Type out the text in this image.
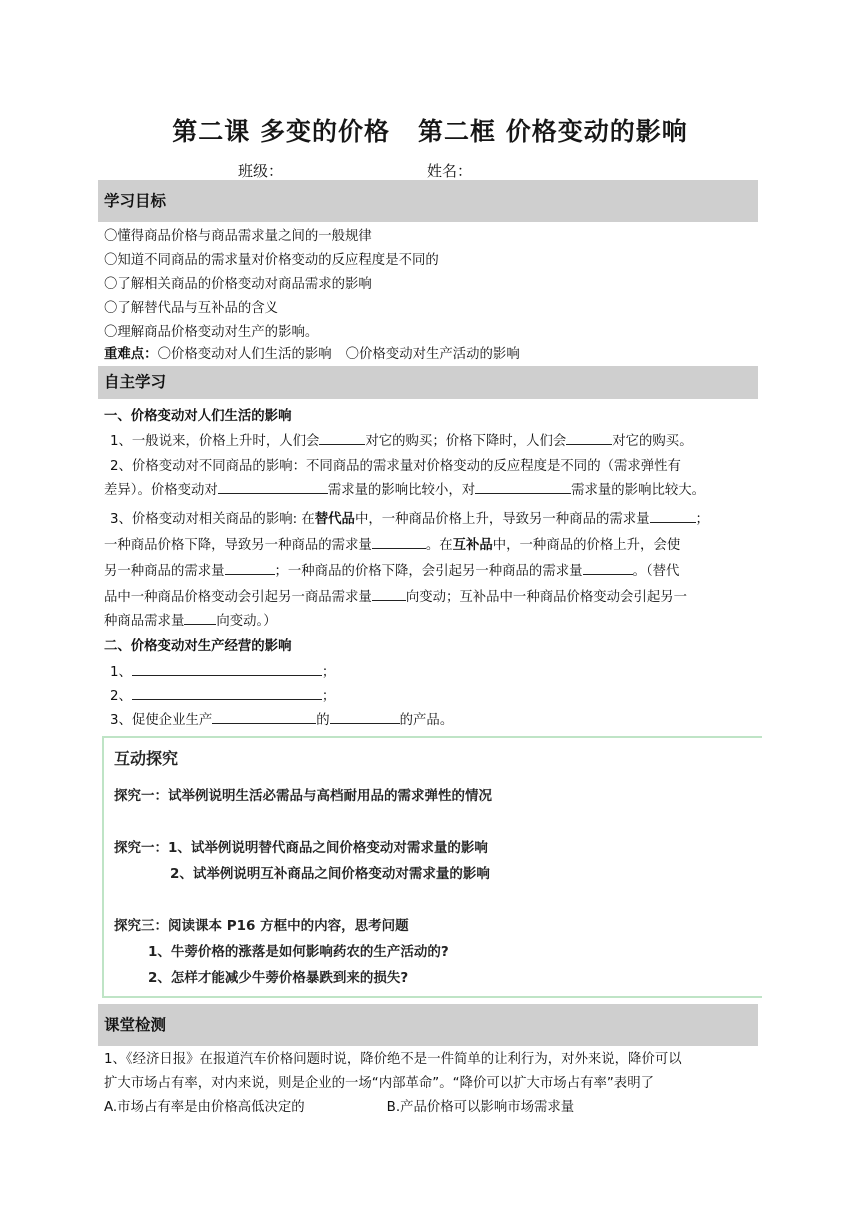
第二课 多变的价格 第二框 价格变动的影响
班级：	姓名：
学习目标
〇懂得商品价格与商品需求量之间的一般规律
〇知道不同商品的需求量对价格变动的反应程度是不同的
〇了解相关商品的价格变动对商品需求的影响
〇了解替代品与互补品的含义
〇理解商品价格变动对生产的影响。
重难点：〇价格变动对人们生活的影响 〇价格变动对生产活动的影响
自主学习
一、价格变动对人们生活的影响
1、一般说来，价格上升时，人们会	对它的购买；价格下降时，人们会	对它的购买。
2、价格变动对不同商品的影响：不同商品的需求量对价格变动的反应程度是不同的（需求弹性有
差异）。价格变动对	需求量的影响比较小，对	需求量的影响比较大。
3、价格变动对相关商品的影响: 在替代品中，一种商品价格上升，导致另一种商品的需求量	；
一种商品价格下降，导致另一种商品的需求量	。在互补品中，一种商品的价格上升，会使
另一种商品的需求量	；一种商品的价格下降，会引起另一种商品的需求量	。（替代
品中一种商品价格变动会引起另一商品需求量	向变动；互补品中一种商品价格变动会引起另一
种商品需求量 向变动。）
二、价格变动对生产经营的影响
1、	；
2、	；
3、促使企业生产	的	的产品。
互动探究
探究一：试举例说明生活必需品与高档耐用品的需求弹性的情况
探究一：1、试举例说明替代商品之间价格变动对需求量的影响
2、试举例说明互补商品之间价格变动对需求量的影响
探究三：阅读课本 P16 方框中的内容，思考问题
1、牛蒡价格的涨落是如何影响药农的生产活动的?
2、怎样才能减少牛蒡价格暴跌到来的损失?
课堂检测
1、《经济日报》在报道汽车价格问题时说，降价绝不是一件简单的让利行为，对外来说，降价可以
扩大市场占有率，对内来说，则是企业的一场“内部革命”。“降价可以扩大市场占有率”表明了
A.市场占有率是由价格高低决定的	B.产品价格可以影响市场需求量
